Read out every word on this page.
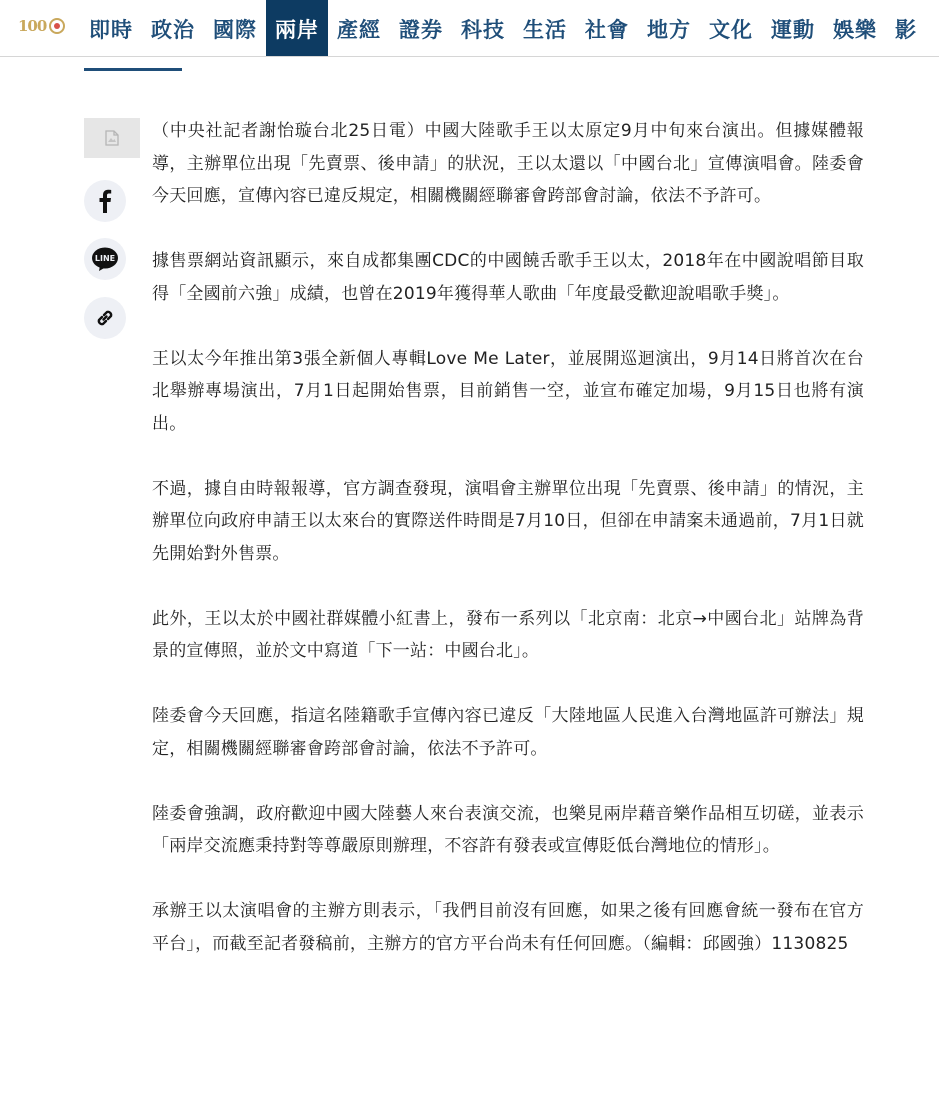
100	即時 政治 國際 兩岸 產經 證券 科技 生活 社會 地方 文化 運動 娛樂 影
LINE

（中央社記者謝怡璇台北25日電）中國大陸歌手王以太原定9月中旬來台演出。但據媒體報導，主辦單位出現「先賣票、後申請」的狀況，王以太還以「中國台北」宣傳演唱會。陸委會今天回應，宣傳內容已違反規定，相關機關經聯審會跨部會討論，依法不予許可。

據售票網站資訊顯示，來自成都集團CDC的中國饒舌歌手王以太，2018年在中國說唱節目取得「全國前六強」成績，也曾在2019年獲得華人歌曲「年度最受歡迎說唱歌手獎」。

王以太今年推出第3張全新個人專輯Love Me Later，並展開巡迴演出，9月14日將首次在台北舉辦專場演出，7月1日起開始售票，目前銷售一空，並宣布確定加場，9月15日也將有演出。

不過，據自由時報報導，官方調查發現，演唱會主辦單位出現「先賣票、後申請」的情況，主辦單位向政府申請王以太來台的實際送件時間是7月10日，但卻在申請案未通過前，7月1日就先開始對外售票。

此外，王以太於中國社群媒體小紅書上，發布一系列以「北京南：北京→中國台北」站牌為背景的宣傳照，並於文中寫道「下一站：中國台北」。

陸委會今天回應，指這名陸籍歌手宣傳內容已違反「大陸地區人民進入台灣地區許可辦法」規定，相關機關經聯審會跨部會討論，依法不予許可。

陸委會強調，政府歡迎中國大陸藝人來台表演交流，也樂見兩岸藉音樂作品相互切磋，並表示「兩岸交流應秉持對等尊嚴原則辦理，不容許有發表或宣傳貶低台灣地位的情形」。

承辦王以太演唱會的主辦方則表示，「我們目前沒有回應，如果之後有回應會統一發布在官方平台」，而截至記者發稿前，主辦方的官方平台尚未有任何回應。（編輯：邱國強）1130825
